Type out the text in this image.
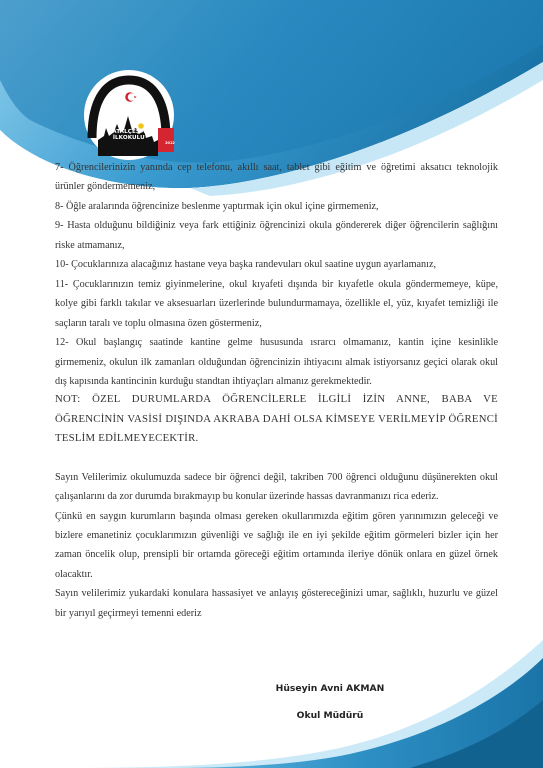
ÇATALÇEŞME
İLKOKULU
2012

7- Öğrencilerinizin yanında cep telefonu, akıllı saat, tablet gibi eğitim ve öğretimi aksatıcı teknolojik ürünler göndermemeniz,

8- Öğle aralarında öğrencinize beslenme yaptırmak için okul içine girmemeniz,

9- Hasta olduğunu bildiğiniz veya fark ettiğiniz öğrencinizi okula göndererek diğer öğrencilerin sağlığını riske atmamanız,

10- Çocuklarınıza alacağınız hastane veya başka randevuları okul saatine uygun ayarlamanız,

11- Çocuklarınızın temiz giyinmelerine, okul kıyafeti dışında bir kıyafetle okula göndermemeye, küpe, kolye gibi farklı takılar ve aksesuarları üzerlerinde bulundurmamaya, özellikle el, yüz, kıyafet temizliği ile saçların taralı ve toplu olmasına özen göstermeniz,

12- Okul başlangıç saatinde kantine gelme hususunda ısrarcı olmamanız, kantin içine kesinlikle girmemeniz, okulun ilk zamanları olduğundan öğrencinizin ihtiyacını almak istiyorsanız geçici olarak okul dış kapısında kantincinin kurduğu standtan ihtiyaçları almanız gerekmektedir.

NOT: ÖZEL DURUMLARDA ÖĞRENCİLERLE İLGİLİ İZİN ANNE, BABA VE ÖĞRENCİNİN VASİSİ DIŞINDA AKRABA DAHİ OLSA KİMSEYE VERİLMEYİP ÖĞRENCİ TESLİM EDİLMEYECEKTİR.

Sayın Velilerimiz okulumuzda sadece bir öğrenci değil, takriben 700 öğrenci olduğunu düşünerekten okul çalışanlarını da zor durumda bırakmayıp bu konular üzerinde hassas davranmanızı rica ederiz.

Çünkü en saygın kurumların başında olması gereken okullarımızda eğitim gören yarınımızın geleceği ve bizlere emanetiniz çocuklarımızın güvenliği ve sağlığı ile en iyi şekilde eğitim görmeleri bizler için her zaman öncelik olup, prensipli bir ortamda göreceği eğitim ortamında ileriye dönük onlara en güzel örnek olacaktır.

Sayın velilerimiz yukardaki konulara hassasiyet ve anlayış göstereceğinizi umar, sağlıklı, huzurlu ve güzel bir yarıyıl geçirmeyi temenni ederiz

Hüseyin Avni AKMAN
Okul Müdürü
